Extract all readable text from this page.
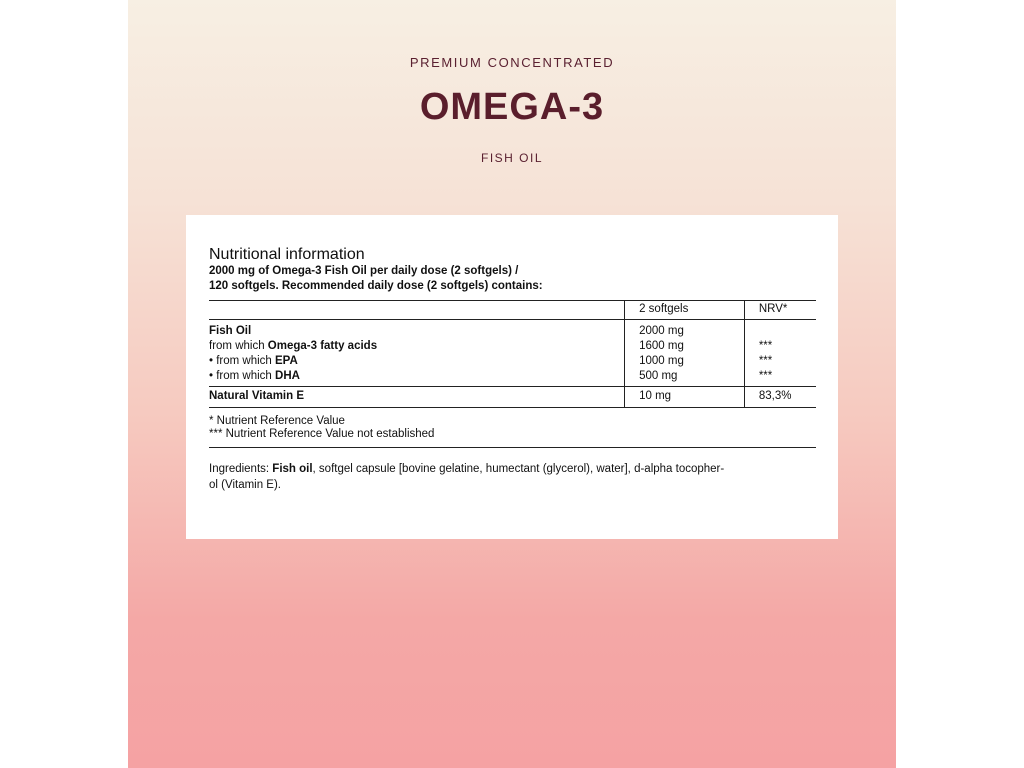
PREMIUM CONCENTRATED
OMEGA-3
FISH OIL

Nutritional information

2000 mg of Omega-3 Fish Oil per daily dose (2 softgels) /

120 softgels. Recommended daily dose (2 softgels) contains:

	2 softgels	NRV*
Fish Oil	2000 mg	
from which Omega-3 fatty acids	1600 mg	***
• from which EPA	1000 mg	***
• from which DHA	500 mg	***
Natural Vitamin E	10 mg	83,3%
* Nutrient Reference Value
*** Nutrient Reference Value not established
Ingredients: Fish oil, softgel capsule [bovine gelatine, humectant (glycerol), water], d-alpha tocopher-
ol (Vitamin E).
